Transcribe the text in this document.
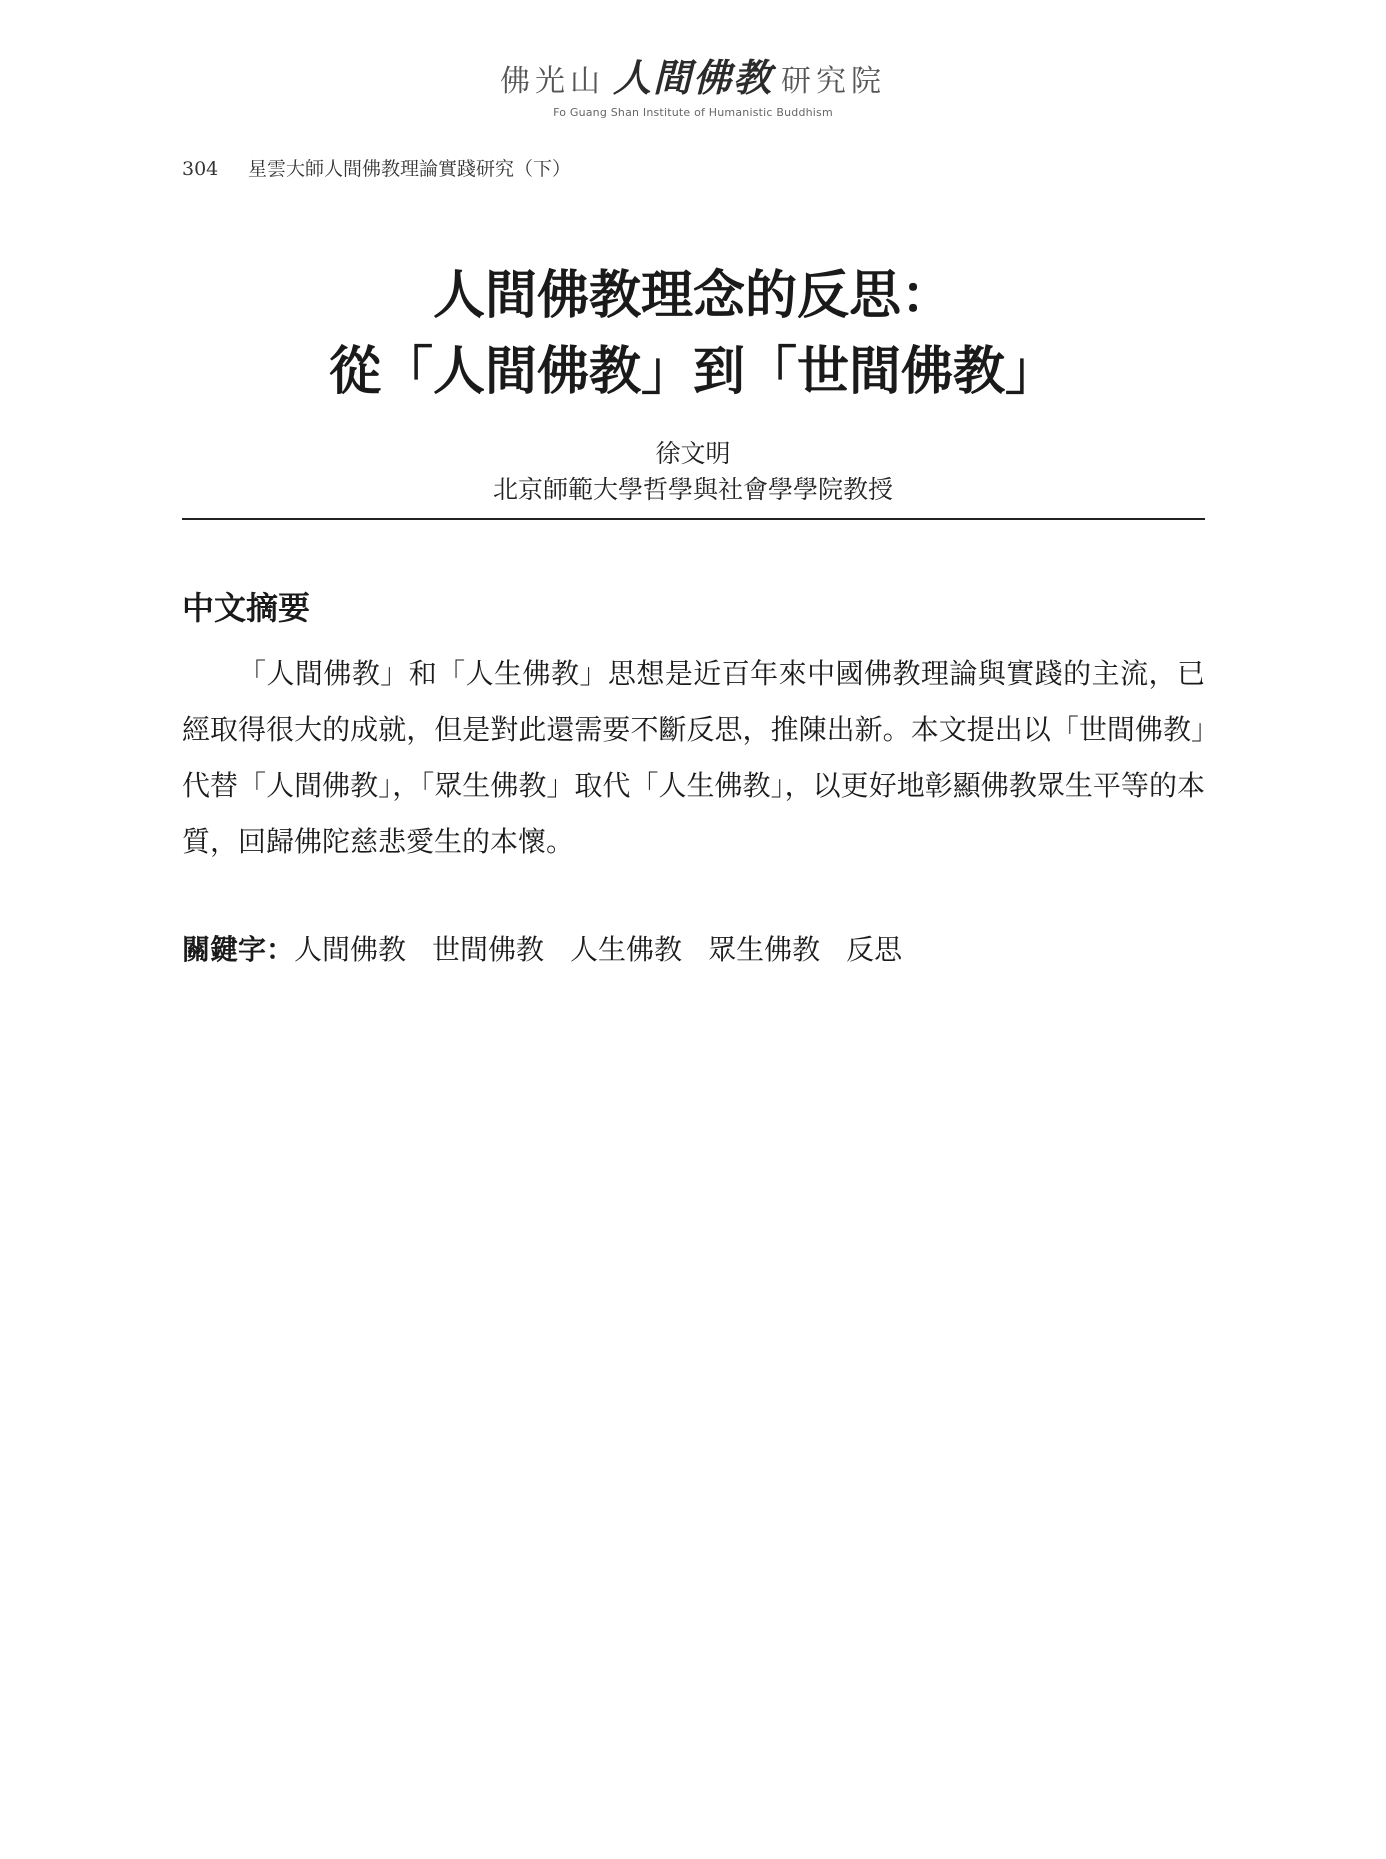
佛光山 人間佛教 研究院
Fo Guang Shan Institute of Humanistic Buddhism
304 星雲大師人間佛教理論實踐研究（下）
人間佛教理念的反思：
從「人間佛教」到「世間佛教」
徐文明
北京師範大學哲學與社會學學院教授
中文摘要

「人間佛教」和「人生佛教」思想是近百年來中國佛教理論與實踐的主流，已經取得很大的成就，但是對此還需要不斷反思，推陳出新。本文提出以「世間佛教」代替「人間佛教」，「眾生佛教」取代「人生佛教」，以更好地彰顯佛教眾生平等的本質，回歸佛陀慈悲愛生的本懷。

關鍵字：人間佛教 世間佛教 人生佛教 眾生佛教 反思
